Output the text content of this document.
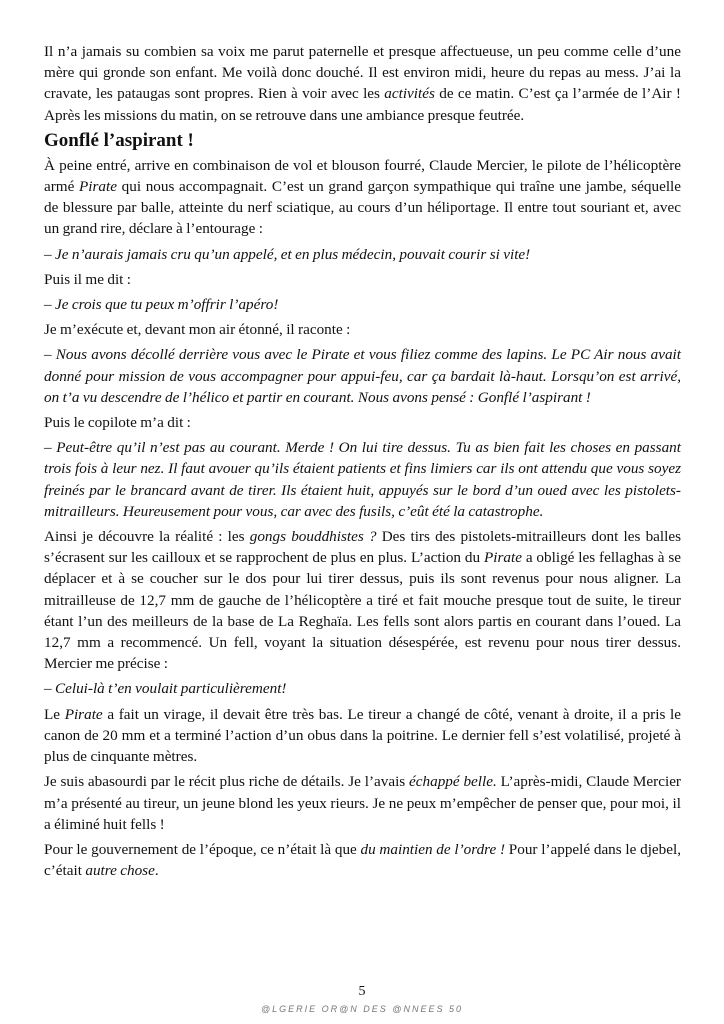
Il n’a jamais su combien sa voix me parut paternelle et presque affectueuse, un peu comme celle d’une mère qui gronde son enfant. Me voilà donc douché. Il est environ midi, heure du repas au mess. J’ai la cravate, les pataugas sont propres. Rien à voir avec les activités de ce matin. C’est ça l’armée de l’Air ! Après les missions du matin, on se retrouve dans une ambiance presque feutrée.

Gonflé l’aspirant !

À peine entré, arrive en combinaison de vol et blouson fourré, Claude Mercier, le pilote de l’hélicoptère armé Pirate qui nous accompagnait. C’est un grand garçon sympathique qui traîne une jambe, séquelle de blessure par balle, atteinte du nerf sciatique, au cours d’un héliportage. Il entre tout souriant et, avec un grand rire, déclare à l’entourage :

– Je n’aurais jamais cru qu’un appelé, et en plus médecin, pouvait courir si vite!

Puis il me dit :

– Je crois que tu peux m’offrir l’apéro!

Je m’exécute et, devant mon air étonné, il raconte :

– Nous avons décollé derrière vous avec le Pirate et vous filiez comme des lapins. Le PC Air nous avait donné pour mission de vous accompagner pour appui-feu, car ça bardait là-haut. Lorsqu’on est arrivé, on t’a vu descendre de l’hélico et partir en courant. Nous avons pensé : Gonflé l’aspirant !

Puis le copilote m’a dit :

– Peut-être qu’il n’est pas au courant. Merde ! On lui tire dessus. Tu as bien fait les choses en passant trois fois à leur nez. Il faut avouer qu’ils étaient patients et fins limiers car ils ont attendu que vous soyez freinés par le brancard avant de tirer. Ils étaient huit, appuyés sur le bord d’un oued avec les pistolets-mitrailleurs. Heureusement pour vous, car avec des fusils, c’eût été la catastrophe.

Ainsi je découvre la réalité : les gongs bouddhistes ? Des tirs des pistolets-mitrailleurs dont les balles s’écrasent sur les cailloux et se rapprochent de plus en plus. L’action du Pirate a obligé les fellaghas à se déplacer et à se coucher sur le dos pour lui tirer dessus, puis ils sont revenus pour nous aligner. La mitrailleuse de 12,7 mm de gauche de l’hélicoptère a tiré et fait mouche presque tout de suite, le tireur étant l’un des meilleurs de la base de La Reghaïa. Les fells sont alors partis en courant dans l’oued. La 12,7 mm a recommencé. Un fell, voyant la situation désespérée, est revenu pour nous tirer dessus. Mercier me précise :

– Celui-là t’en voulait particulièrement!

Le Pirate a fait un virage, il devait être très bas. Le tireur a changé de côté, venant à droite, il a pris le canon de 20 mm et a terminé l’action d’un obus dans la poitrine. Le dernier fell s’est volatilisé, projeté à plus de cinquante mètres.

Je suis abasourdi par le récit plus riche de détails. Je l’avais échappé belle. L’après-midi, Claude Mercier m’a présenté au tireur, un jeune blond les yeux rieurs. Je ne peux m’empêcher de penser que, pour moi, il a éliminé huit fells !

Pour le gouvernement de l’époque, ce n’était là que du maintien de l’ordre ! Pour l’appelé dans le djebel, c’était autre chose.

5
@LGERIE OR@N DES @NNEES 50
